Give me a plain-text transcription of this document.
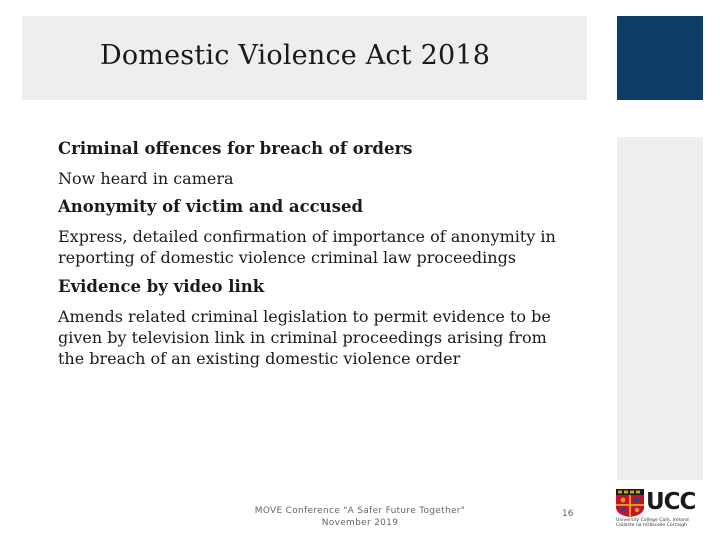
Domestic Violence Act 2018

Criminal offences for breach of orders

Now heard in camera

Anonymity of victim and accused

Express, detailed confirmation of importance of anonymity in reporting of domestic violence criminal law proceedings

Evidence by video link

Amends related criminal legislation to permit evidence to be given by television link in criminal proceedings arising from the breach of an existing domestic violence order

MOVE Conference "A Safer Future Together"
November 2019
16	UCC
University College Cork, Ireland
Coláiste na hOllscoile Corcaigh
